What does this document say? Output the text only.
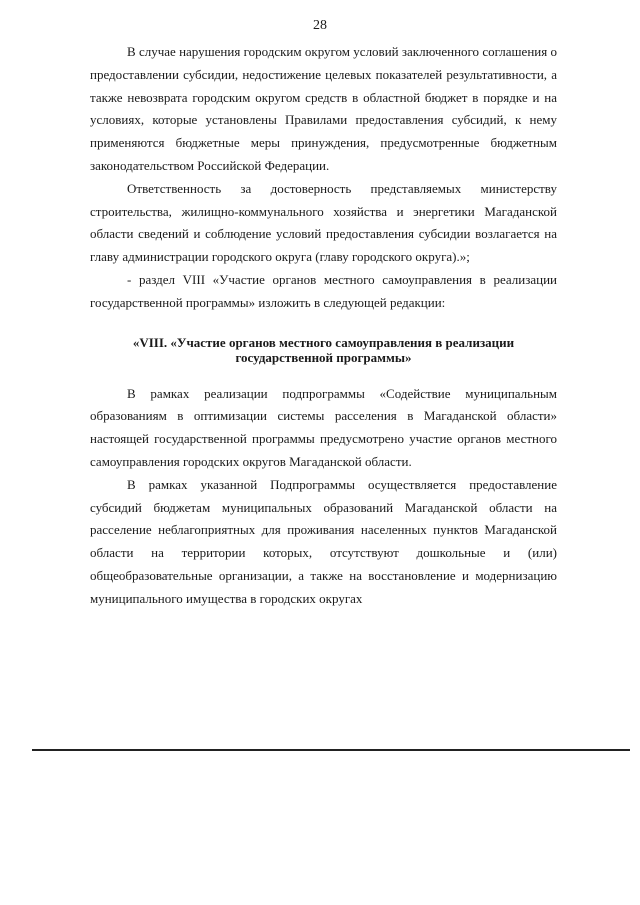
28

В случае нарушения городским округом условий заключенного соглашения о предоставлении субсидии, недостижение целевых показателей результативности, а также невозврата городским округом средств в областной бюджет в порядке и на условиях, которые установлены Правилами предоставления субсидий, к нему применяются бюджетные меры принуждения, предусмотренные бюджетным законодательством Российской Федерации.

Ответственность за достоверность представляемых министерству строительства, жилищно-коммунального хозяйства и энергетики Магаданской области сведений и соблюдение условий предоставления субсидии возлагается на главу администрации городского округа (главу городского округа).»;

- раздел VIII «Участие органов местного самоуправления в реализации государственной программы» изложить в следующей редакции:

«VIII. «Участие органов местного самоуправления в реализации государственной программы»

В рамках реализации подпрограммы «Содействие муниципальным образованиям в оптимизации системы расселения в Магаданской области» настоящей государственной программы предусмотрено участие органов местного самоуправления городских округов Магаданской области.

В рамках указанной Подпрограммы осуществляется предоставление субсидий бюджетам муниципальных образований Магаданской области на расселение неблагоприятных для проживания населенных пунктов Магаданской области на территории которых, отсутствуют дошкольные и (или) общеобразовательные организации, а также на восстановление и модернизацию муниципального имущества в городских округах
